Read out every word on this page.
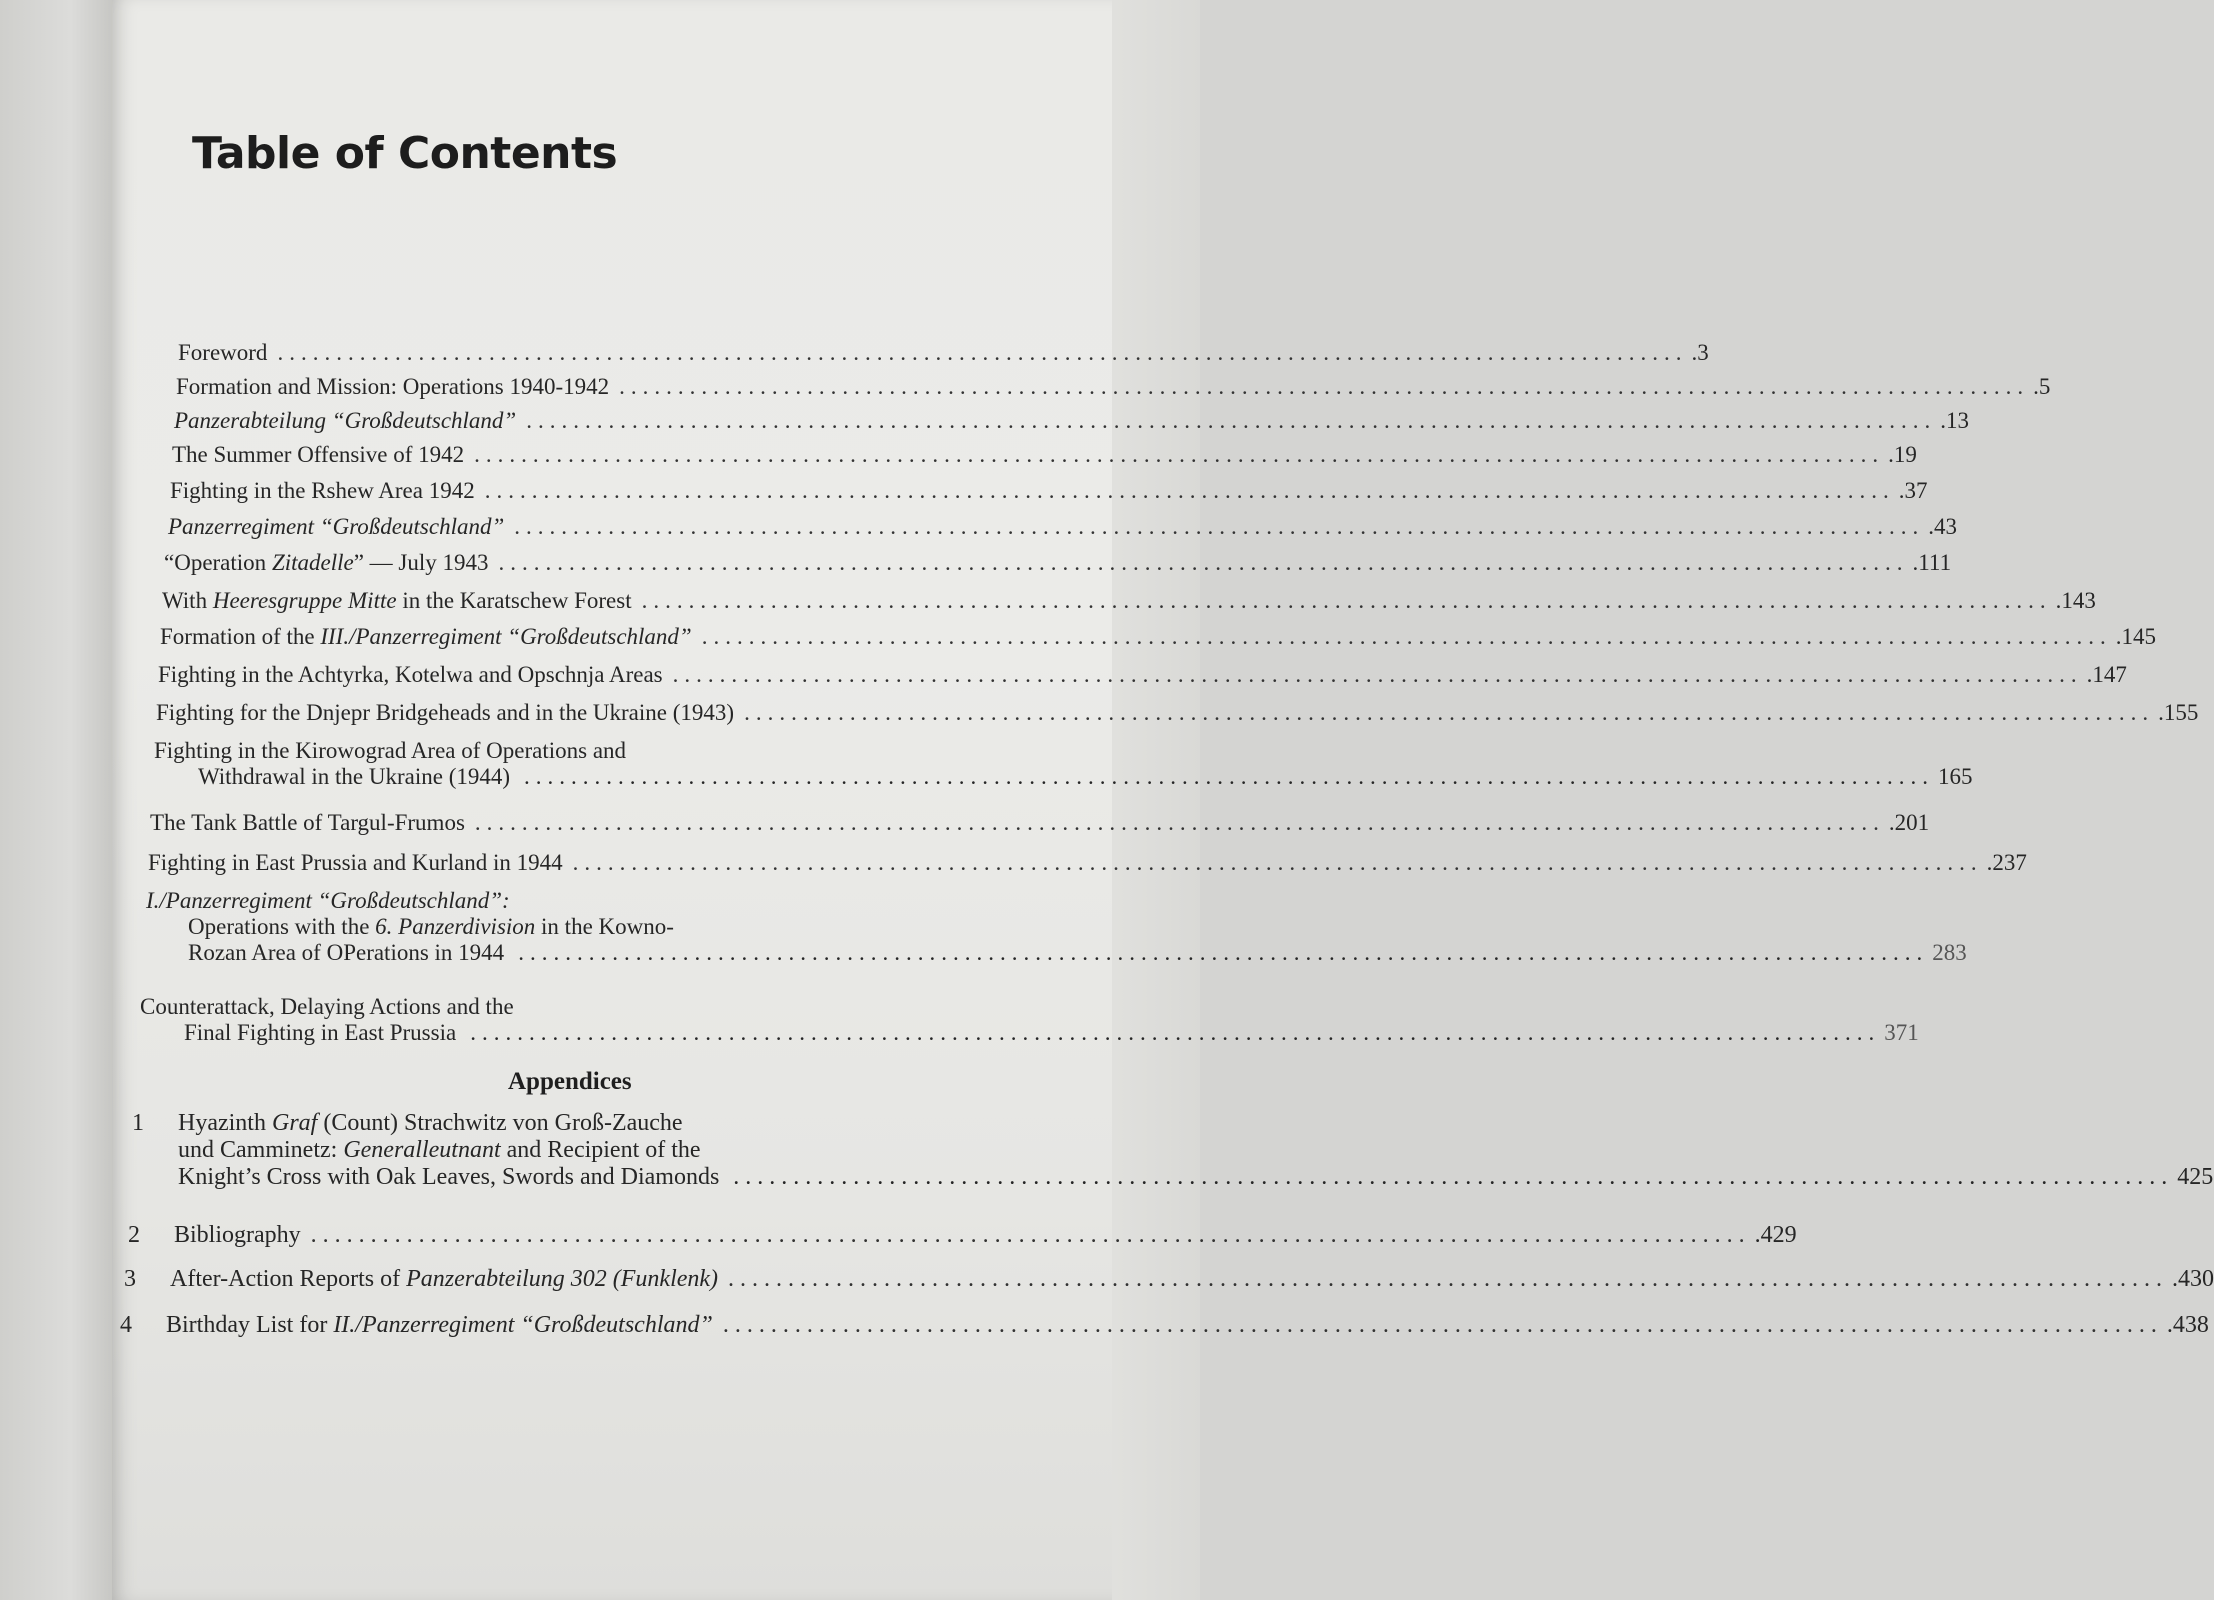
Table of Contents
Foreword ........................................................................................................................ . 3
Formation and Mission: Operations 1940-1942 ........................................................................................................................ . 5
Panzerabteilung “Großdeutschland” ........................................................................................................................ . 13
The Summer Offensive of 1942 ........................................................................................................................ . 19
Fighting in the Rshew Area 1942 ........................................................................................................................ . 37
Panzerregiment “Großdeutschland” ........................................................................................................................ . 43
“Operation Zitadelle” — July 1943 ........................................................................................................................ . 111
With Heeresgruppe Mitte in the Karatschew Forest ........................................................................................................................ . 143
Formation of the III./Panzerregiment “Großdeutschland” ........................................................................................................................ . 145
Fighting in the Achtyrka, Kotelwa and Opschnja Areas ........................................................................................................................ . 147
Fighting for the Dnjepr Bridgeheads and in the Ukraine (1943) ........................................................................................................................ . 155
Fighting in the Kirowograd Area of Operations and
Withdrawal in the Ukraine (1944) ........................................................................................................................ 165
The Tank Battle of Targul-Frumos ........................................................................................................................ . 201
Fighting in East Prussia and Kurland in 1944 ........................................................................................................................ . 237
I./Panzerregiment “Großdeutschland”:
Operations with the 6. Panzerdivision in the Kowno-
Rozan Area of OPerations in 1944 ........................................................................................................................ 283
Counterattack, Delaying Actions and the
Final Fighting in East Prussia ........................................................................................................................ 371
Appendices
1 Hyazinth Graf (Count) Strachwitz von Groß-Zauche
und Camminetz: Generalleutnant and Recipient of the
Knight’s Cross with Oak Leaves, Swords and Diamonds ........................................................................................................................ 425
2	Bibliography ........................................................................................................................ . 429
3	After-Action Reports of Panzerabteilung 302 (Funklenk) ........................................................................................................................ . 430
4	Birthday List for II./Panzerregiment “Großdeutschland” ........................................................................................................................ . 438
